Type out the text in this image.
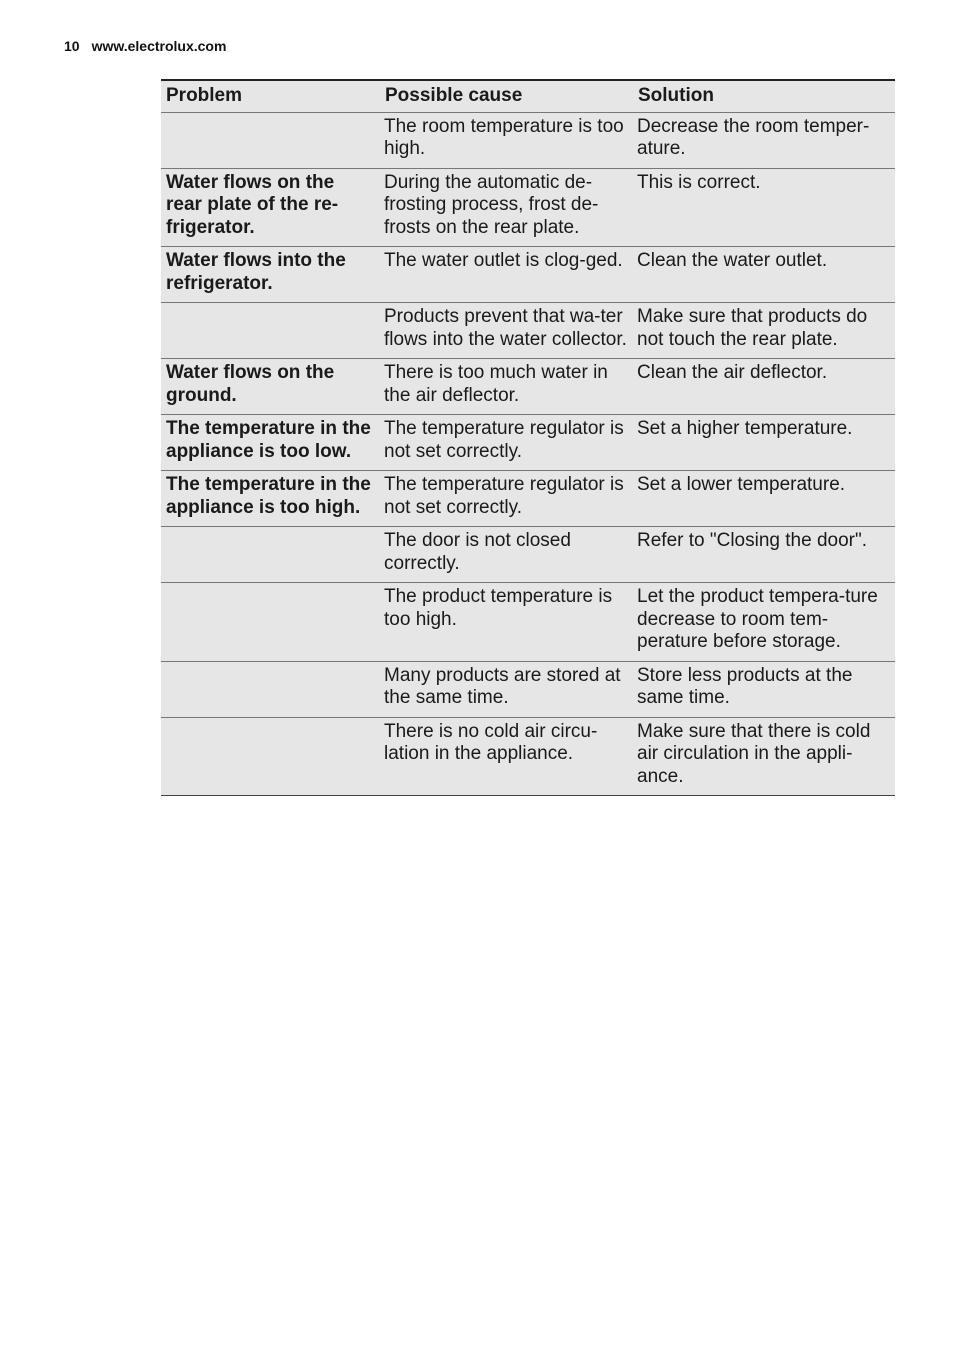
10 www.electrolux.com
Problem	Possible cause	Solution
	The room temperature is too high.	Decrease the room temper-ature.
Water flows on the rear plate of the re-frigerator.	During the automatic de-frosting process, frost de-frosts on the rear plate.	This is correct.
Water flows into the refrigerator.	The water outlet is clog-ged.	Clean the water outlet.
	Products prevent that wa-ter flows into the water collector.	Make sure that products do not touch the rear plate.
Water flows on the ground.	There is too much water in the air deflector.	Clean the air deflector.
The temperature in the appliance is too low.	The temperature regulator is not set correctly.	Set a higher temperature.
The temperature in the appliance is too high.	The temperature regulator is not set correctly.	Set a lower temperature.
	The door is not closed correctly.	Refer to "Closing the door".
	The product temperature is too high.	Let the product tempera-ture decrease to room tem-perature before storage.
	Many products are stored at the same time.	Store less products at the same time.
	There is no cold air circu-lation in the appliance.	Make sure that there is cold air circulation in the appli-ance.
